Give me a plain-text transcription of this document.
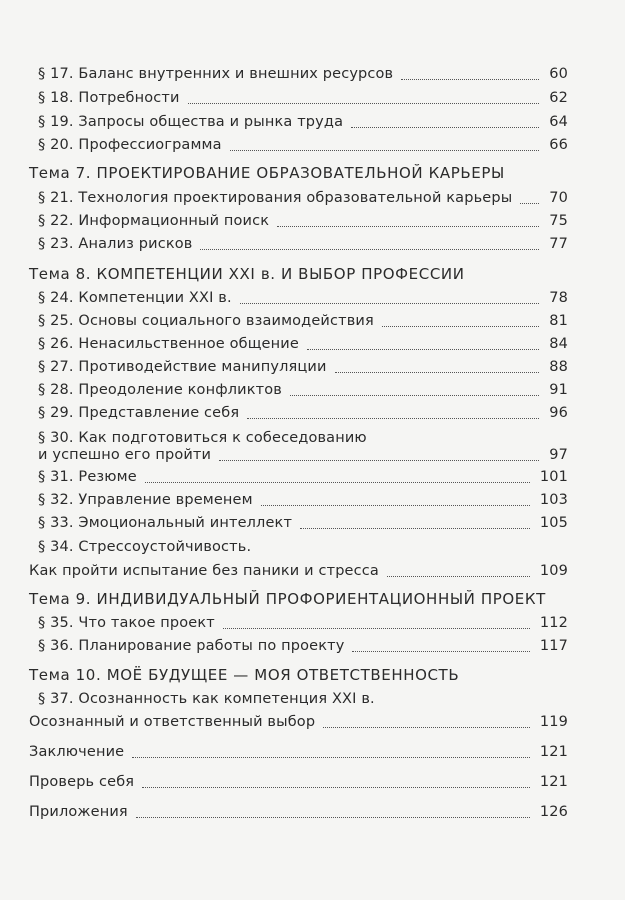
§ 17. Баланс внутренних и внешних ресурсов	60
§ 18. Потребности	62
§ 19. Запросы общества и рынка труда	64
§ 20. Профессиограмма	66
Тема 7. ПРОЕКТИРОВАНИЕ ОБРАЗОВАТЕЛЬНОЙ КАРЬЕРЫ
§ 21. Технология проектирования образовательной карьеры	70
§ 22. Информационный поиск	75
§ 23. Анализ рисков	77
Тема 8. КОМПЕТЕНЦИИ XXI в. И ВЫБОР ПРОФЕССИИ
§ 24. Компетенции XXI в.	78
§ 25. Основы социального взаимодействия	81
§ 26. Ненасильственное общение	84
§ 27. Противодействие манипуляции	88
§ 28. Преодоление конфликтов	91
§ 29. Представление себя	96
§ 30. Как подготовиться к собеседованию
и успешно его пройти	97
§ 31. Резюме	101
§ 32. Управление временем	103
§ 33. Эмоциональный интеллект	105
§ 34. Стрессоустойчивость.
Как пройти испытание без паники и стресса	109
Тема 9. ИНДИВИДУАЛЬНЫЙ ПРОФОРИЕНТАЦИОННЫЙ ПРОЕКТ
§ 35. Что такое проект	112
§ 36. Планирование работы по проекту	117
Тема 10. МОЁ БУДУЩЕЕ — МОЯ ОТВЕТСТВЕННОСТЬ
§ 37. Осознанность как компетенция XXI в.
Осознанный и ответственный выбор	119
Заключение	121
Проверь себя	121
Приложения	126
